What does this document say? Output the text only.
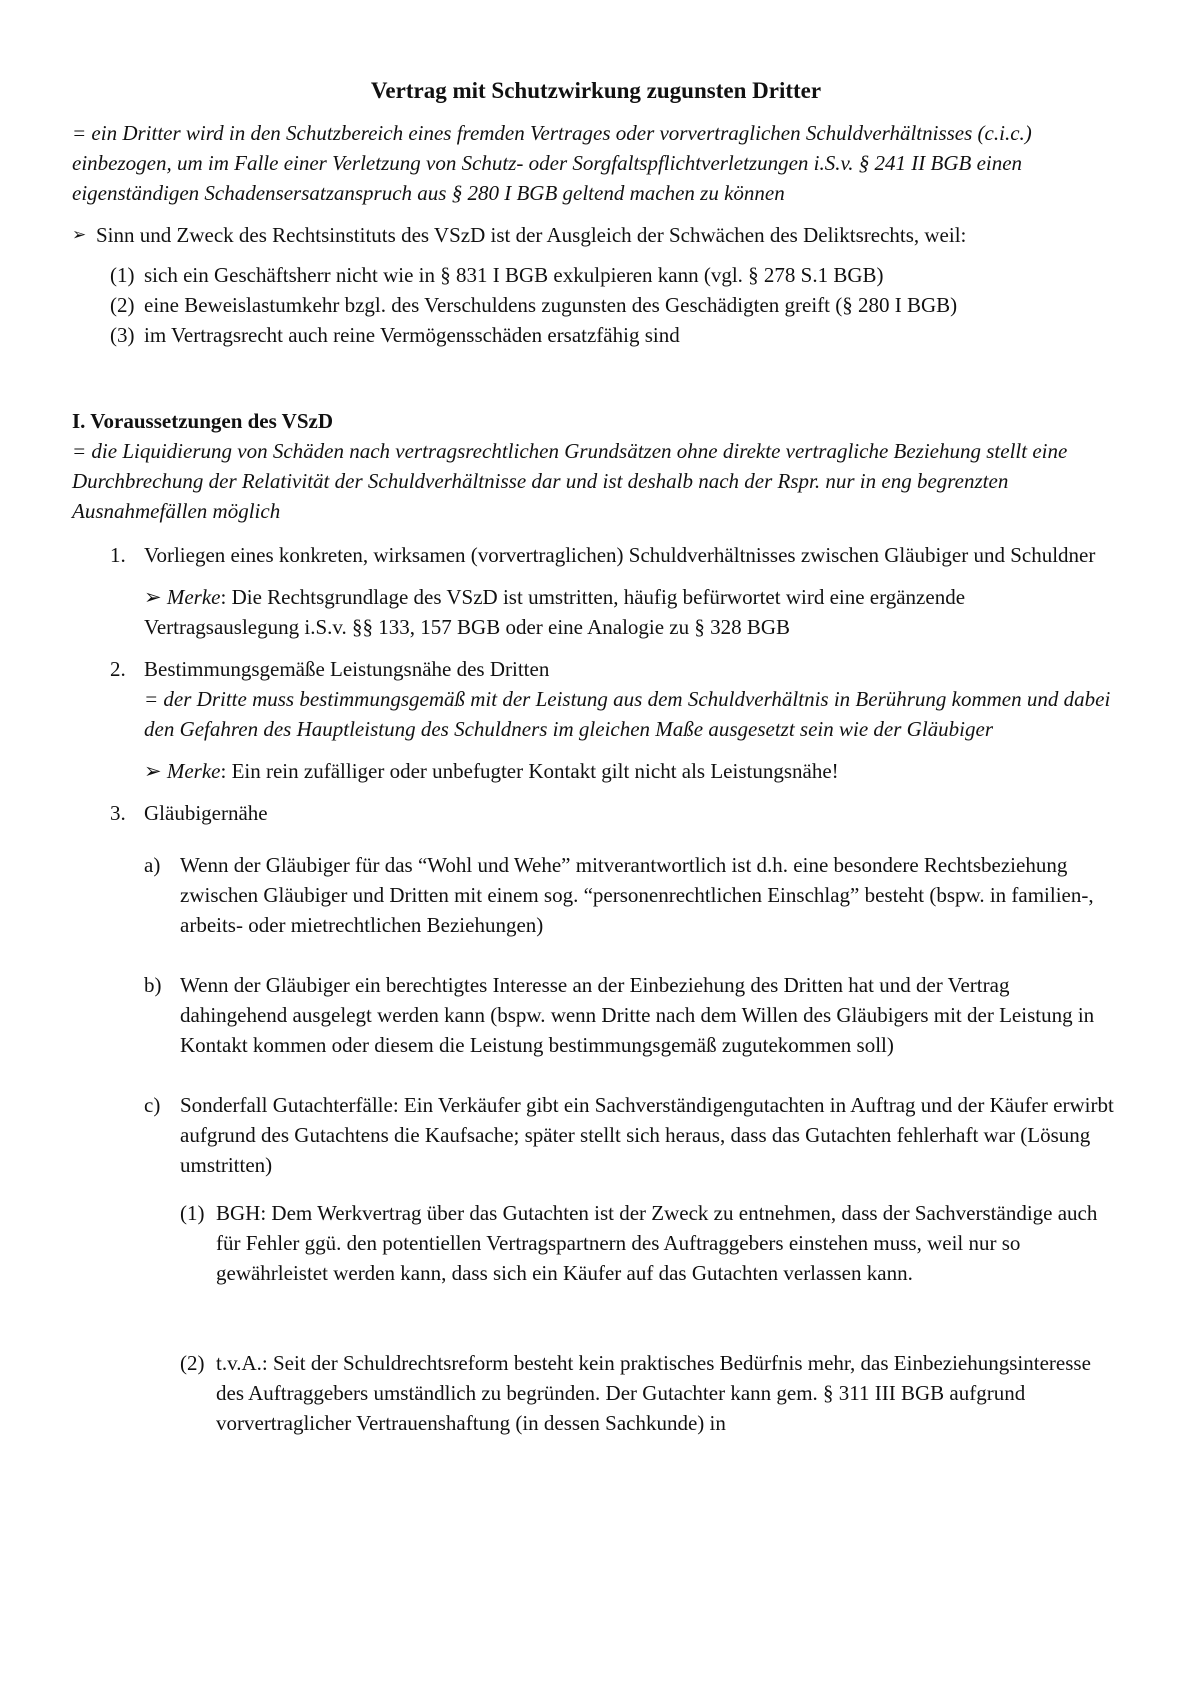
Vertrag mit Schutzwirkung zugunsten Dritter

= ein Dritter wird in den Schutzbereich eines fremden Vertrages oder vorvertraglichen Schuldverhältnisses (c.i.c.) einbezogen, um im Falle einer Verletzung von Schutz- oder Sorgfaltspflichtverletzungen i.S.v. § 241 II BGB einen eigenständigen Schadensersatzanspruch aus § 280 I BGB geltend machen zu können

➢ Sinn und Zweck des Rechtsinstituts des VSzD ist der Ausgleich der Schwächen des Deliktsrechts, weil:
(1) sich ein Geschäftsherr nicht wie in § 831 I BGB exkulpieren kann (vgl. § 278 S.1 BGB)
(2) eine Beweislastumkehr bzgl. des Verschuldens zugunsten des Geschädigten greift (§ 280 I BGB)
(3) im Vertragsrecht auch reine Vermögensschäden ersatzfähig sind
I. Voraussetzungen des VSzD

= die Liquidierung von Schäden nach vertragsrechtlichen Grundsätzen ohne direkte vertragliche Beziehung stellt eine Durchbrechung der Relativität der Schuldverhältnisse dar und ist deshalb nach der Rspr. nur in eng begrenzten Ausnahmefällen möglich

1. Vorliegen eines konkreten, wirksamen (vorvertraglichen) Schuldverhältnisses zwischen Gläubiger und Schuldner
➢ Merke: Die Rechtsgrundlage des VSzD ist umstritten, häufig befürwortet wird eine ergänzende Vertragsauslegung i.S.v. §§ 133, 157 BGB oder eine Analogie zu § 328 BGB
2. Bestimmungsgemäße Leistungsnähe des Dritten
= der Dritte muss bestimmungsgemäß mit der Leistung aus dem Schuldverhältnis in Berührung kommen und dabei den Gefahren des Hauptleistung des Schuldners im gleichen Maße ausgesetzt sein wie der Gläubiger
➢ Merke: Ein rein zufälliger oder unbefugter Kontakt gilt nicht als Leistungsnähe!
3. Gläubigernähe
a) Wenn der Gläubiger für das “Wohl und Wehe” mitverantwortlich ist d.h. eine besondere Rechtsbeziehung zwischen Gläubiger und Dritten mit einem sog. “personenrechtlichen Einschlag” besteht (bspw. in familien-, arbeits- oder mietrechtlichen Beziehungen)
b) Wenn der Gläubiger ein berechtigtes Interesse an der Einbeziehung des Dritten hat und der Vertrag dahingehend ausgelegt werden kann (bspw. wenn Dritte nach dem Willen des Gläubigers mit der Leistung in Kontakt kommen oder diesem die Leistung bestimmungsgemäß zugutekommen soll)
c) Sonderfall Gutachterfälle: Ein Verkäufer gibt ein Sachverständigengutachten in Auftrag und der Käufer erwirbt aufgrund des Gutachtens die Kaufsache; später stellt sich heraus, dass das Gutachten fehlerhaft war (Lösung umstritten)
(1) BGH: Dem Werkvertrag über das Gutachten ist der Zweck zu entnehmen, dass der Sachverständige auch für Fehler ggü. den potentiellen Vertragspartnern des Auftraggebers einstehen muss, weil nur so gewährleistet werden kann, dass sich ein Käufer auf das Gutachten verlassen kann.
(2) t.v.A.: Seit der Schuldrechtsreform besteht kein praktisches Bedürfnis mehr, das Einbeziehungsinteresse des Auftraggebers umständlich zu begründen. Der Gutachter kann gem. § 311 III BGB aufgrund vorvertraglicher Vertrauenshaftung (in dessen Sachkunde) in
